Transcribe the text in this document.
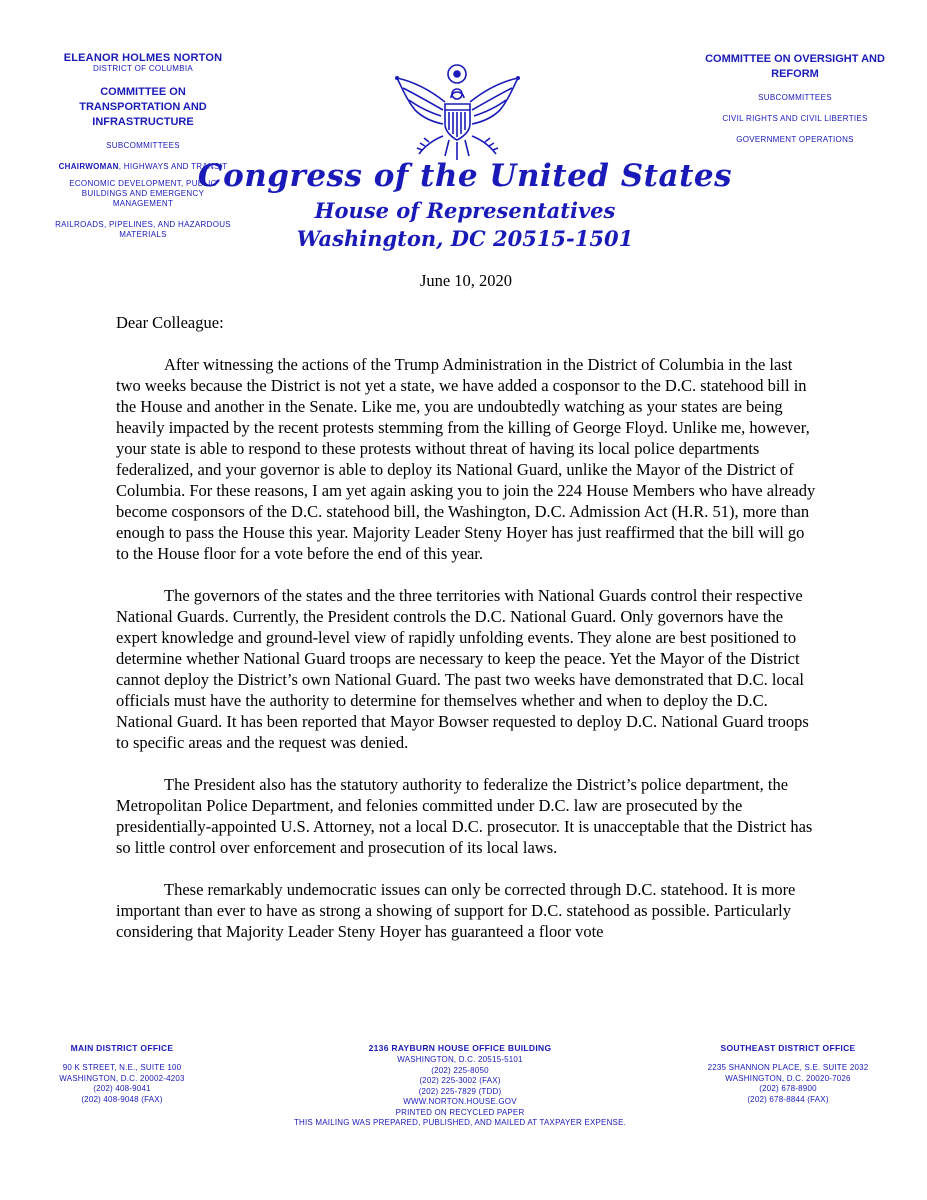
ELEANOR HOLMES NORTON
DISTRICT OF COLUMBIA
COMMITTEE ON
TRANSPORTATION AND
INFRASTRUCTURE
SUBCOMMITTEES
CHAIRWOMAN, HIGHWAYS AND TRANSIT
ECONOMIC DEVELOPMENT, PUBLIC
BUILDINGS AND EMERGENCY
MANAGEMENT
RAILROADS, PIPELINES, AND HAZARDOUS
MATERIALS
COMMITTEE ON OVERSIGHT AND
REFORM
SUBCOMMITTEES
CIVIL RIGHTS AND CIVIL LIBERTIES
GOVERNMENT OPERATIONS
Congress of the United States
House of Representatives
Washington, DC 20515-1501

June 10, 2020

Dear Colleague:

After witnessing the actions of the Trump Administration in the District of Columbia in the last two weeks because the District is not yet a state, we have added a cosponsor to the D.C. statehood bill in the House and another in the Senate. Like me, you are undoubtedly watching as your states are being heavily impacted by the recent protests stemming from the killing of George Floyd. Unlike me, however, your state is able to respond to these protests without threat of having its local police departments federalized, and your governor is able to deploy its National Guard, unlike the Mayor of the District of Columbia. For these reasons, I am yet again asking you to join the 224 House Members who have already become cosponsors of the D.C. statehood bill, the Washington, D.C. Admission Act (H.R. 51), more than enough to pass the House this year. Majority Leader Steny Hoyer has just reaffirmed that the bill will go to the House floor for a vote before the end of this year.

The governors of the states and the three territories with National Guards control their respective National Guards. Currently, the President controls the D.C. National Guard. Only governors have the expert knowledge and ground-level view of rapidly unfolding events. They alone are best positioned to determine whether National Guard troops are necessary to keep the peace. Yet the Mayor of the District cannot deploy the District’s own National Guard. The past two weeks have demonstrated that D.C. local officials must have the authority to determine for themselves whether and when to deploy the D.C. National Guard. It has been reported that Mayor Bowser requested to deploy D.C. National Guard troops to specific areas and the request was denied.

The President also has the statutory authority to federalize the District’s police department, the Metropolitan Police Department, and felonies committed under D.C. law are prosecuted by the presidentially-appointed U.S. Attorney, not a local D.C. prosecutor. It is unacceptable that the District has so little control over enforcement and prosecution of its local laws.

These remarkably undemocratic issues can only be corrected through D.C. statehood. It is more important than ever to have as strong a showing of support for D.C. statehood as possible. Particularly considering that Majority Leader Steny Hoyer has guaranteed a floor vote

MAIN DISTRICT OFFICE
90 K STREET, N.E., SUITE 100
WASHINGTON, D.C. 20002-4203
(202) 408-9041
(202) 408-9048 (FAX)
2136 RAYBURN HOUSE OFFICE BUILDING
WASHINGTON, D.C. 20515-5101
(202) 225-8050
(202) 225-3002 (FAX)
(202) 225-7829 (TDD)
WWW.NORTON.HOUSE.GOV
PRINTED ON RECYCLED PAPER
THIS MAILING WAS PREPARED, PUBLISHED, AND MAILED AT TAXPAYER EXPENSE.
SOUTHEAST DISTRICT OFFICE
2235 SHANNON PLACE, S.E. SUITE 2032
WASHINGTON, D.C. 20020-7026
(202) 678-8900
(202) 678-8844 (FAX)
